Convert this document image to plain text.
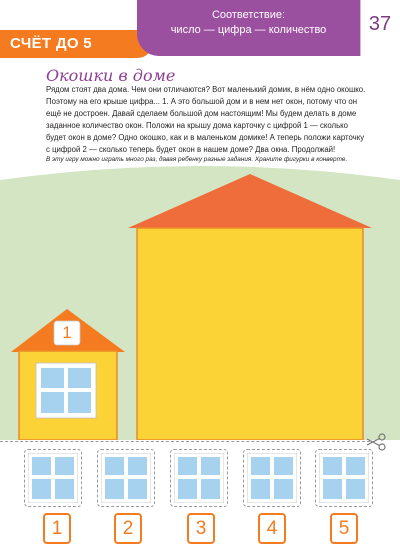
СЧЁТ ДО 5
Соответствие:
число — цифра — количество	37
Окошки в доме
Рядом стоят два дома. Чем они отличаются? Вот маленький домик, в нём одно окошко. Поэтому на его крыше цифра... 1. А это большой дом и в нем нет окон, потому что он ещё не достроен. Давай сделаем большой дом настоящим! Мы будем делать в доме заданное количество окон. Положи на крышу дома карточку с цифрой 1 — сколько будет окон в доме? Одно окошко, как и в маленьком домике! А теперь положи карточку с цифрой 2 — сколько теперь будет окон в нашем доме? Два окна. Продолжай!
В эту игру можно играть много раз, давая ребенку разные задания. Храните фигурки в конверте.
1
1	2	3	4	5
